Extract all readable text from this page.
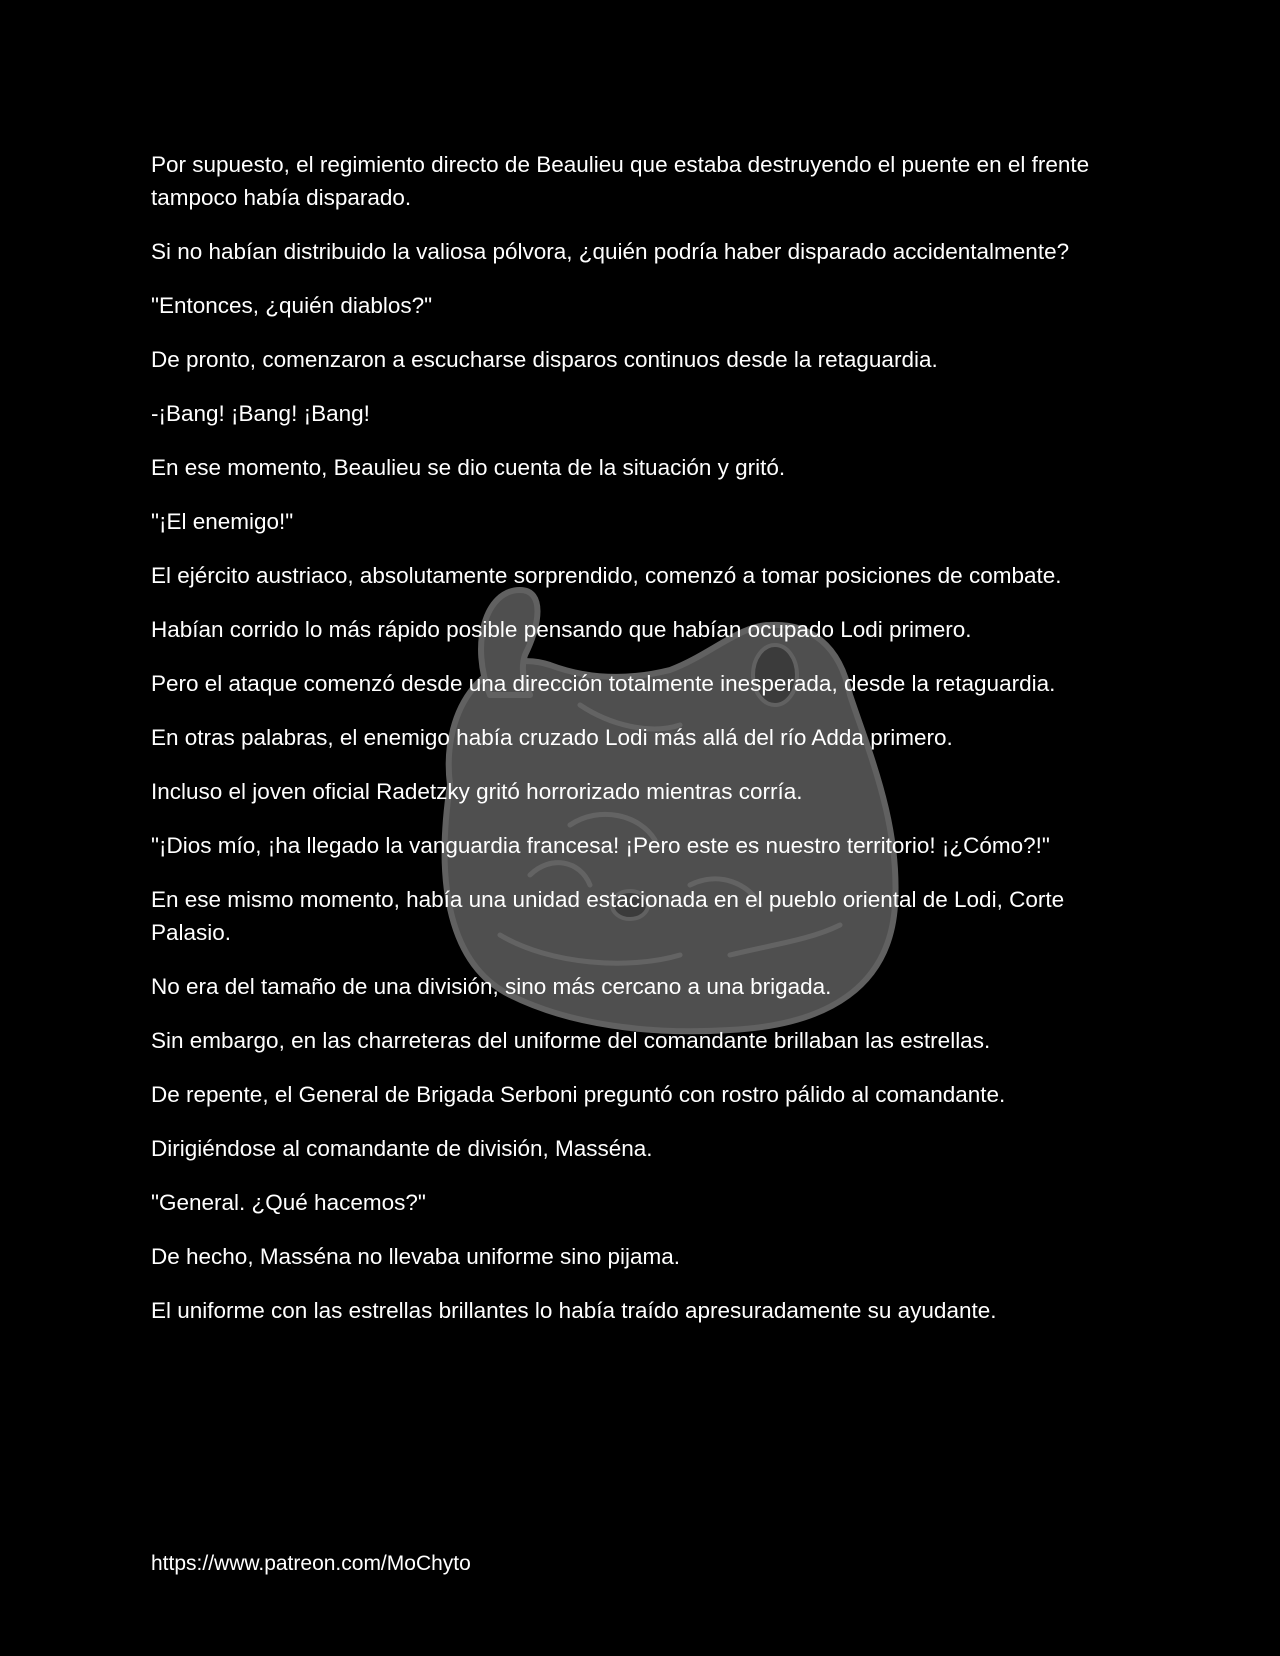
Por supuesto, el regimiento directo de Beaulieu que estaba destruyendo el puente en el frente tampoco había disparado.

Si no habían distribuido la valiosa pólvora, ¿quién podría haber disparado accidentalmente?

"Entonces, ¿quién diablos?"

De pronto, comenzaron a escucharse disparos continuos desde la retaguardia.

-¡Bang! ¡Bang! ¡Bang!

En ese momento, Beaulieu se dio cuenta de la situación y gritó.

"¡El enemigo!"

El ejército austriaco, absolutamente sorprendido, comenzó a tomar posiciones de combate.

Habían corrido lo más rápido posible pensando que habían ocupado Lodi primero.

Pero el ataque comenzó desde una dirección totalmente inesperada, desde la retaguardia.

En otras palabras, el enemigo había cruzado Lodi más allá del río Adda primero.

Incluso el joven oficial Radetzky gritó horrorizado mientras corría.

"¡Dios mío, ¡ha llegado la vanguardia francesa! ¡Pero este es nuestro territorio! ¡¿Cómo?!"

En ese mismo momento, había una unidad estacionada en el pueblo oriental de Lodi, Corte Palasio.

No era del tamaño de una división, sino más cercano a una brigada.

Sin embargo, en las charreteras del uniforme del comandante brillaban las estrellas.

De repente, el General de Brigada Serboni preguntó con rostro pálido al comandante.

Dirigiéndose al comandante de división, Masséna.

"General. ¿Qué hacemos?"

De hecho, Masséna no llevaba uniforme sino pijama.

El uniforme con las estrellas brillantes lo había traído apresuradamente su ayudante.

https://www.patreon.com/MoChyto
